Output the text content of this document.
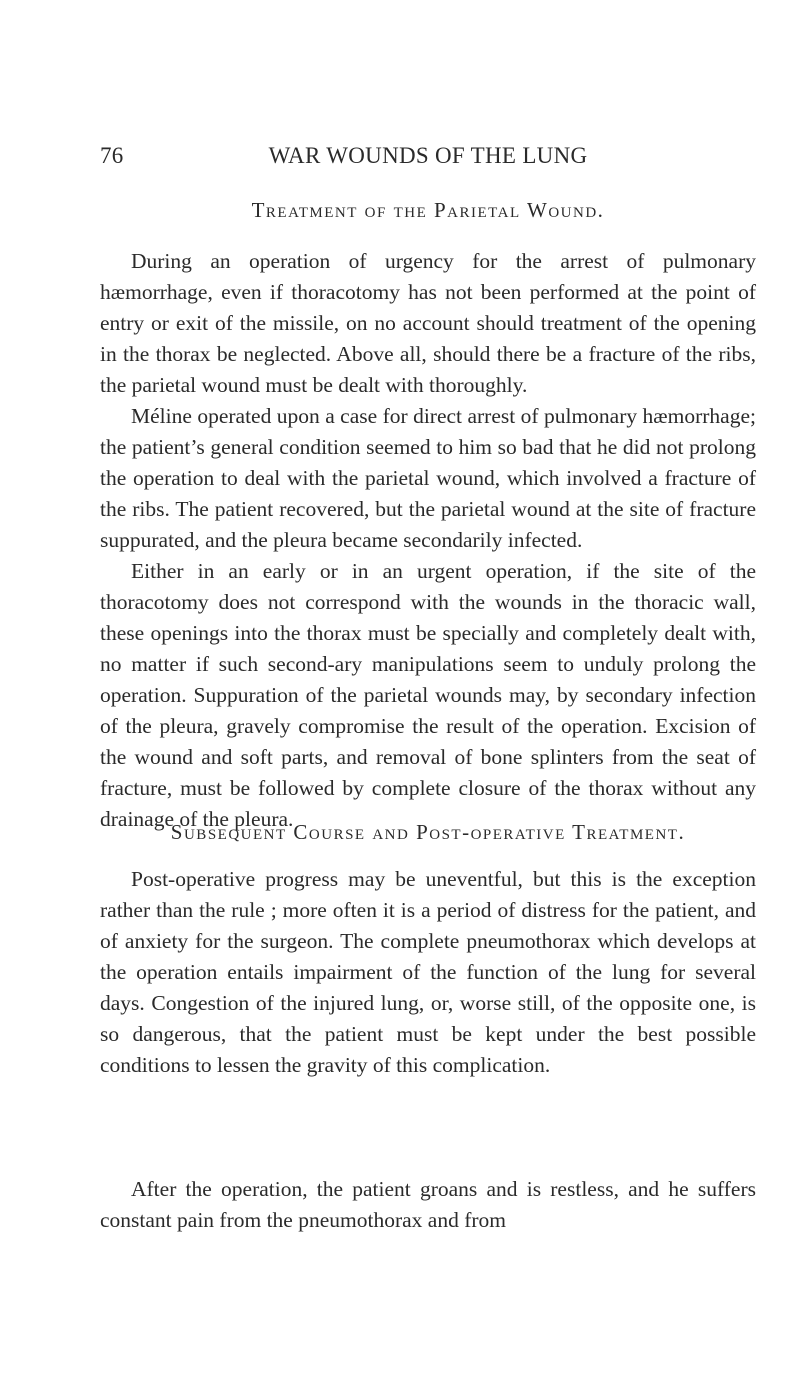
76	WAR WOUNDS OF THE LUNG
Treatment of the Parietal Wound.

During an operation of urgency for the arrest of pulmonary hæmorrhage, even if thoracotomy has not been performed at the point of entry or exit of the missile, on no account should treatment of the opening in the thorax be neglected. Above all, should there be a fracture of the ribs, the parietal wound must be dealt with thoroughly.

Méline operated upon a case for direct arrest of pulmonary hæmorrhage; the patient’s general condition seemed to him so bad that he did not prolong the operation to deal with the parietal wound, which involved a fracture of the ribs. The patient recovered, but the parietal wound at the site of fracture suppurated, and the pleura became secondarily infected.

Either in an early or in an urgent operation, if the site of the thoracotomy does not correspond with the wounds in the thoracic wall, these openings into the thorax must be specially and completely dealt with, no matter if such second-ary manipulations seem to unduly prolong the operation. Suppuration of the parietal wounds may, by secondary infection of the pleura, gravely compromise the result of the operation. Excision of the wound and soft parts, and removal of bone splinters from the seat of fracture, must be followed by complete closure of the thorax without any drainage of the pleura.

Subsequent Course and Post-operative Treatment.

Post-operative progress may be uneventful, but this is the exception rather than the rule ; more often it is a period of distress for the patient, and of anxiety for the surgeon. The complete pneumothorax which develops at the operation entails impairment of the function of the lung for several days. Congestion of the injured lung, or, worse still, of the opposite one, is so dangerous, that the patient must be kept under the best possible conditions to lessen the gravity of this complication.

After the operation, the patient groans and is restless, and he suffers constant pain from the pneumothorax and from
